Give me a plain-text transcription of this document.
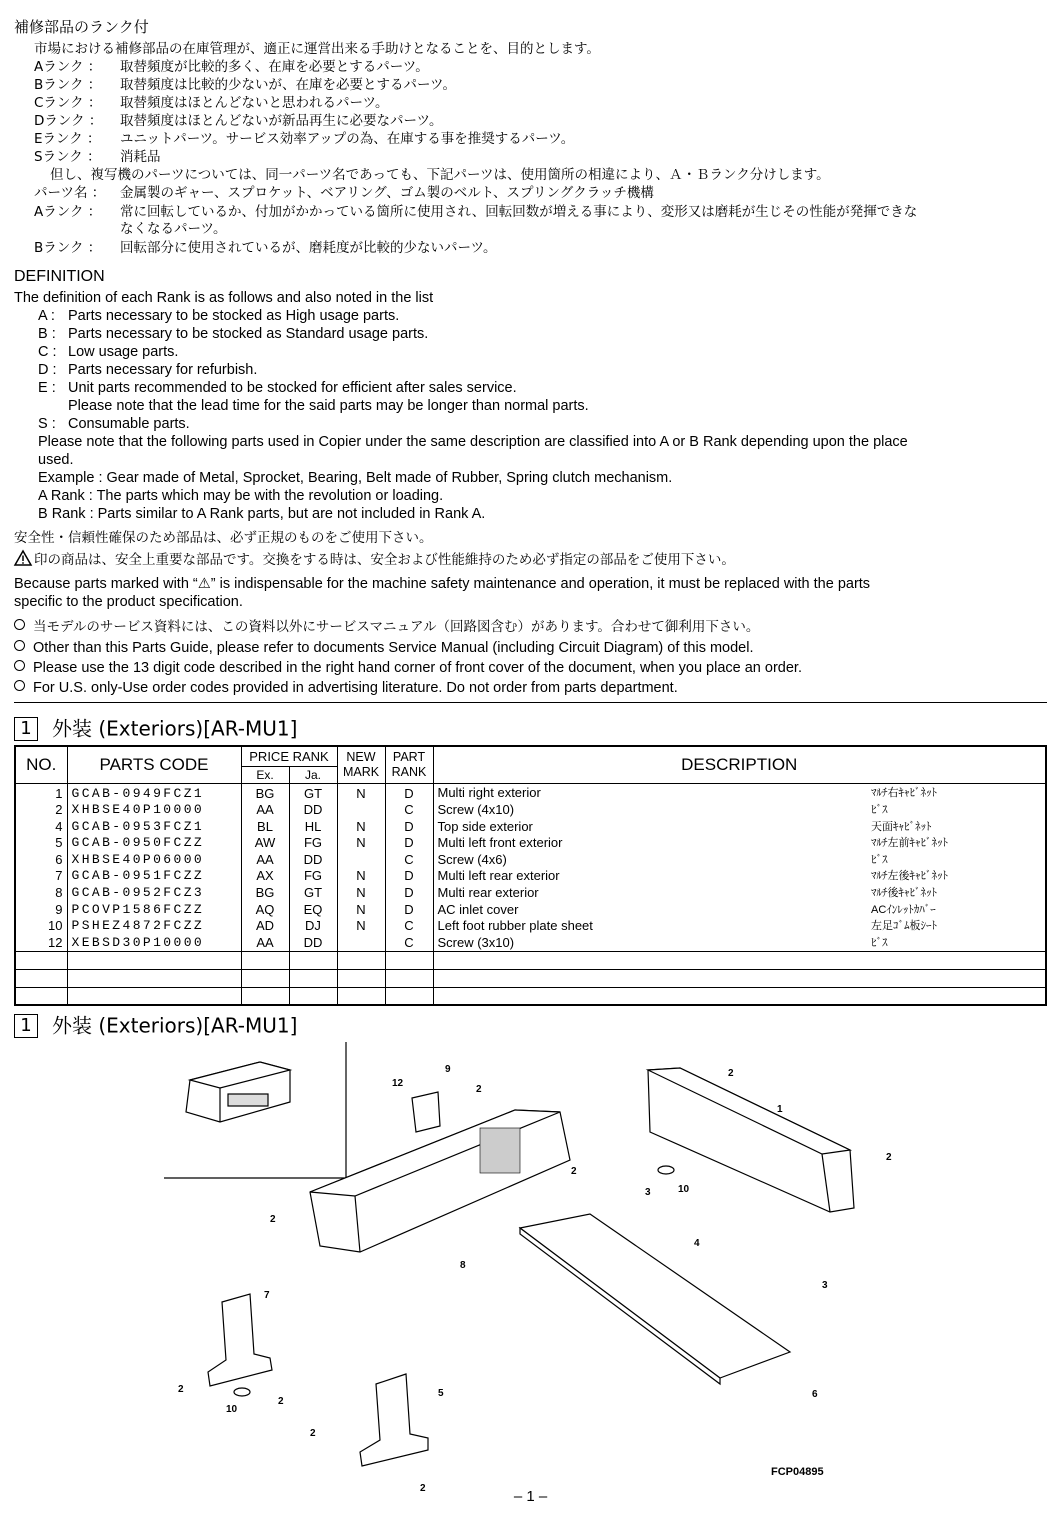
補修部品のランク付
市場における補修部品の在庫管理が、適正に運営出来る手助けとなることを、目的とします。
Aランク ： 取替頻度が比較的多く、在庫を必要とするパーツ。
Bランク ： 取替頻度は比較的少ないが、在庫を必要とするパーツ。
Cランク ： 取替頻度はほとんどないと思われるパーツ。
Dランク ： 取替頻度はほとんどないが新品再生に必要なパーツ。
Eランク ： ユニットパーツ。サービス効率アップの為、在庫する事を推奨するパーツ。
Sランク ： 消耗品
但し、複写機のパーツについては、同一パーツ名であっても、下記パーツは、使用箇所の相違により、Ａ・Ｂランク分けします。
パーツ名 ： 金属製のギャー、スプロケット、ベアリング、ゴム製のベルト、スプリングクラッチ機構
Aランク ： 常に回転しているか、付加がかかっている箇所に使用され、回転回数が増える事により、変形又は磨耗が生じその性能が発揮できな
なくなるパーツ。
Bランク ： 回転部分に使用されているが、磨耗度が比較的少ないパーツ。
DEFINITION
The definition of each Rank is as follows and also noted in the list
A : Parts necessary to be stocked as High usage parts.
B : Parts necessary to be stocked as Standard usage parts.
C : Low usage parts.
D : Parts necessary for refurbish.
E : Unit parts recommended to be stocked for efficient after sales service.
Please note that the lead time for the said parts may be longer than normal parts.
S : Consumable parts.
Please note that the following parts used in Copier under the same description are classified into A or B Rank depending upon the place
used.
Example : Gear made of Metal, Sprocket, Bearing, Belt made of Rubber, Spring clutch mechanism.
A Rank : The parts which may be with the revolution or loading.
B Rank : Parts similar to A Rank parts, but are not included in Rank A.
安全性・信頼性確保のため部品は、必ず正規のものをご使用下さい。
印の商品は、安全上重要な部品です。交換をする時は、安全および性能維持のため必ず指定の部品をご使用下さい。
Because parts marked with “⚠” is indispensable for the machine safety maintenance and operation, it must be replaced with the parts
specific to the product specification.
当モデルのサービス資料には、この資料以外にサービスマニュアル（回路図含む）があります。合わせて御利用下さい。
Other than this Parts Guide, please refer to documents Service Manual (including Circuit Diagram) of this model.
Please use the 13 digit code described in the right hand corner of front cover of the document, when you place an order.
For U.S. only-Use order codes provided in advertising literature. Do not order from parts department.
1 外装 (Exteriors)[AR-MU1]
NO.	PARTS CODE	PRICE RANK		NEW
MARK	PART
RANK	DESCRIPTION
		Ex.	Ja.			
1	GCAB-0949FCZ1	BG	GT	N	D	Multi right exterior ﾏﾙﾁ右ｷｬﾋﾞﾈｯﾄ

2	XHBSE40P10000	AA	DD		C	Screw (4x10) ﾋﾞｽ

4	GCAB-0953FCZ1	BL	HL	N	D	Top side exterior 天面ｷｬﾋﾞﾈｯﾄ

5	GCAB-0950FCZZ	AW	FG	N	D	Multi left front exterior ﾏﾙﾁ左前ｷｬﾋﾞﾈｯﾄ

6	XHBSE40P06000	AA	DD		C	Screw (4x6) ﾋﾞｽ

7	GCAB-0951FCZZ	AX	FG	N	D	Multi left rear exterior ﾏﾙﾁ左後ｷｬﾋﾞﾈｯﾄ

8	GCAB-0952FCZ3	BG	GT	N	D	Multi rear exterior ﾏﾙﾁ後ｷｬﾋﾞﾈｯﾄ

9	PCOVP1586FCZZ	AQ	EQ	N	D	AC inlet cover ACｲﾝﾚｯﾄｶﾊﾞｰ

10	PSHEZ4872FCZZ	AD	DJ	N	C	Left foot rubber plate sheet 左足ｺﾞﾑ板ｼｰﾄ

12	XEBSD30P10000	AA	DD		C	Screw (3x10) ﾋﾞｽ

1 外装 (Exteriors)[AR-MU1]
12
9
2
2
1
2
3	10
2
2
8
4
3
7
2
2
10
5
2
2
6
FCP04895
– 1 –
